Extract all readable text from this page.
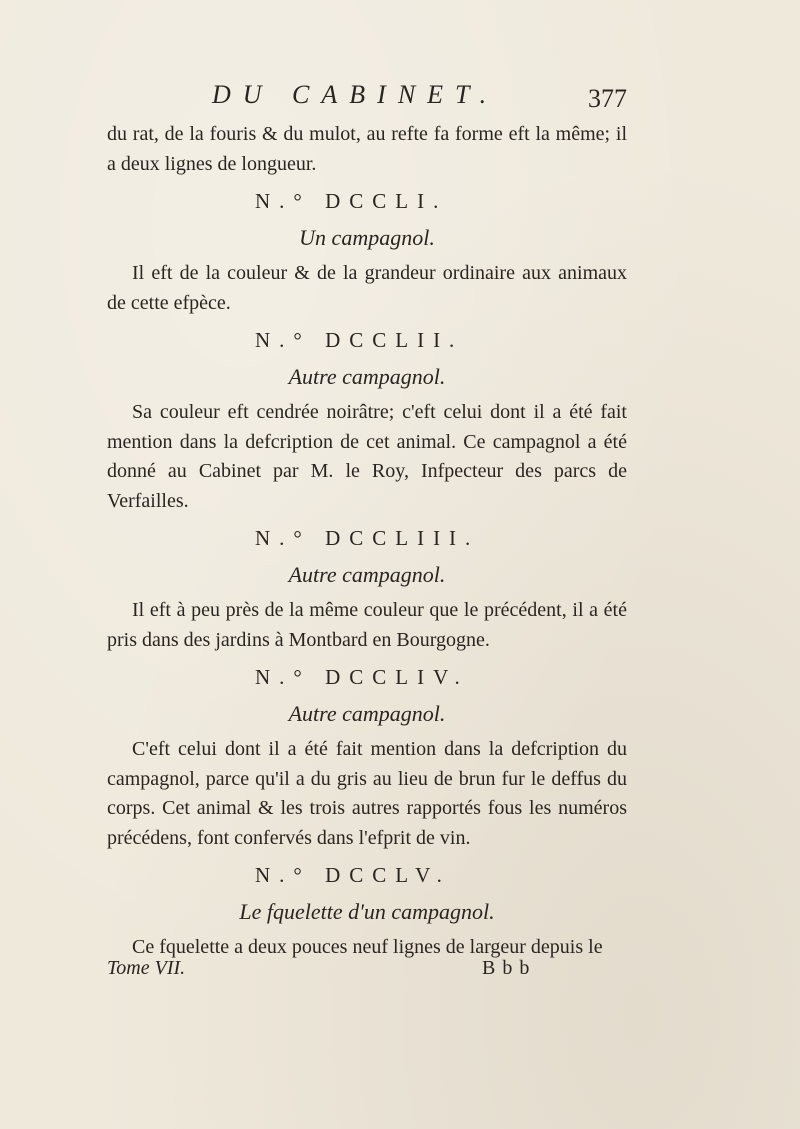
DU CABINET.	377

du rat, de la fouris & du mulot, au refte fa forme eft la même; il a deux lignes de longueur.

N.° DCCLI.
Un campagnol.

Il eft de la couleur & de la grandeur ordinaire aux animaux de cette efpèce.

N.° DCCLII.
Autre campagnol.

Sa couleur eft cendrée noirâtre; c'eft celui dont il a été fait mention dans la defcription de cet animal. Ce campagnol a été donné au Cabinet par M. le Roy, Infpecteur des parcs de Verfailles.

N.° DCCLIII.
Autre campagnol.

Il eft à peu près de la même couleur que le précédent, il a été pris dans des jardins à Montbard en Bourgogne.

N.° DCCLIV.
Autre campagnol.

C'eft celui dont il a été fait mention dans la defcription du campagnol, parce qu'il a du gris au lieu de brun fur le deffus du corps. Cet animal & les trois autres rapportés fous les numéros précédens, font confervés dans l'efprit de vin.

N.° DCCLV.
Le fquelette d'un campagnol.

Ce fquelette a deux pouces neuf lignes de largeur depuis le

Tome VII.	B b b
